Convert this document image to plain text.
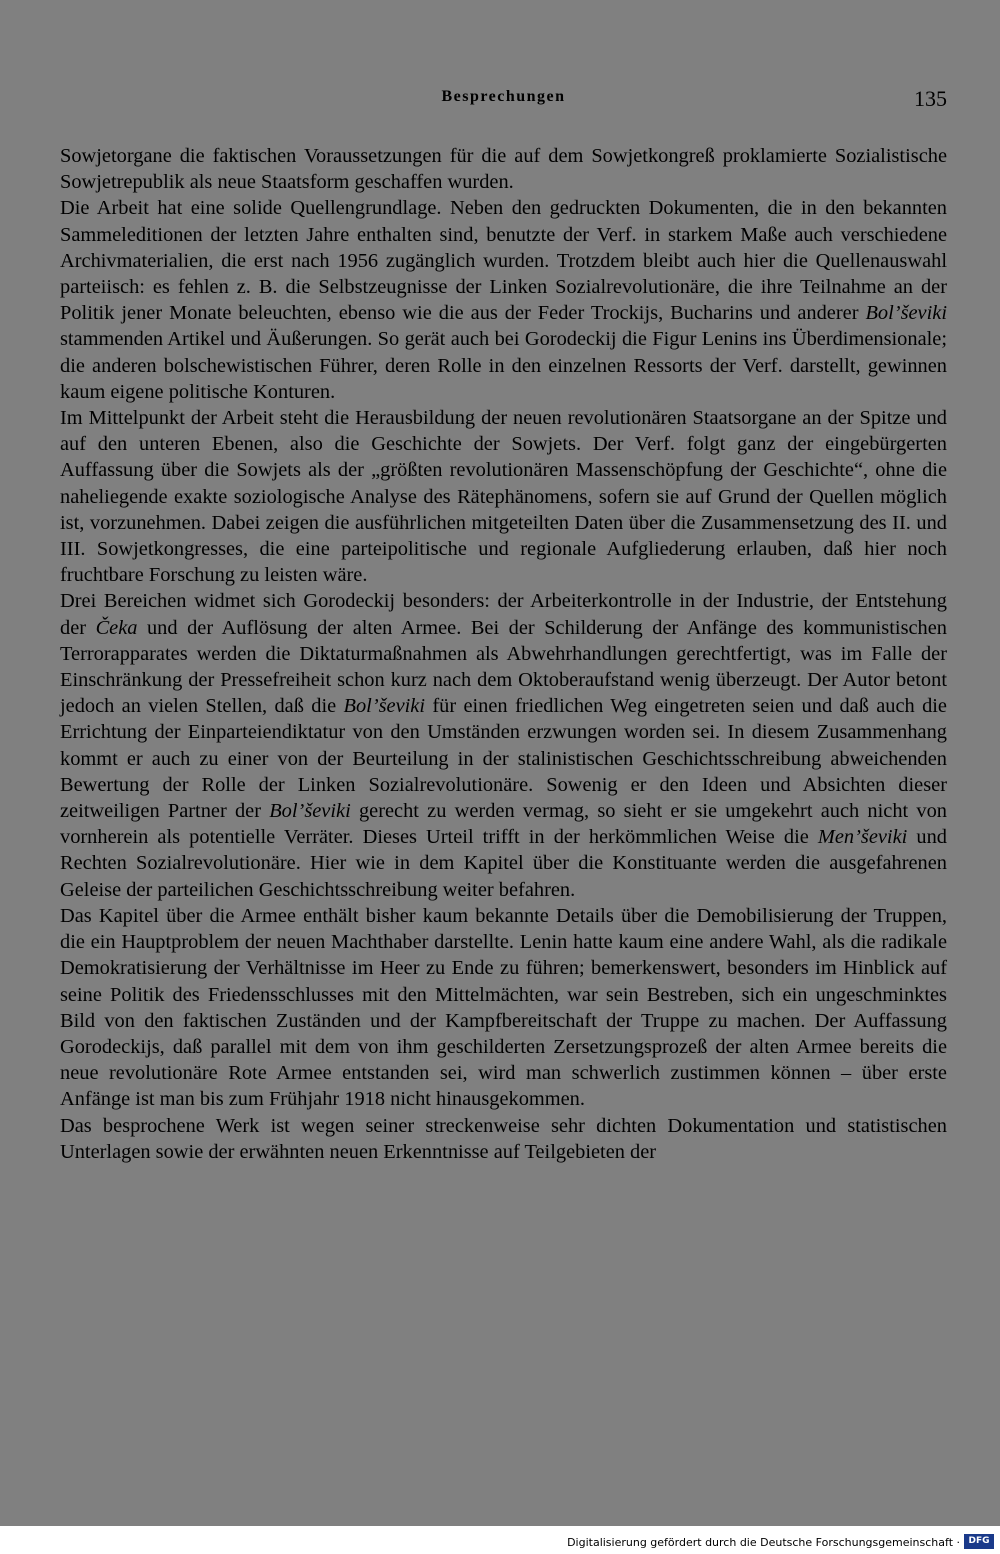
Besprechungen	135

Sowjetorgane die faktischen Voraussetzungen für die auf dem Sowjetkongreß proklamierte Sozialistische Sowjetrepublik als neue Staatsform geschaffen wurden.

Die Arbeit hat eine solide Quellengrundlage. Neben den gedruckten Dokumenten, die in den bekannten Sammeleditionen der letzten Jahre enthalten sind, benutzte der Verf. in starkem Maße auch verschiedene Archivmaterialien, die erst nach 1956 zugänglich wurden. Trotzdem bleibt auch hier die Quellenauswahl parteiisch: es fehlen z. B. die Selbstzeugnisse der Linken Sozialrevolutionäre, die ihre Teilnahme an der Politik jener Monate beleuchten, ebenso wie die aus der Feder Trockijs, Bucharins und anderer Bol’ševiki stammenden Artikel und Äußerungen. So gerät auch bei Gorodeckij die Figur Lenins ins Überdimensionale; die anderen bolschewistischen Führer, deren Rolle in den einzelnen Ressorts der Verf. darstellt, gewinnen kaum eigene politische Konturen.

Im Mittelpunkt der Arbeit steht die Herausbildung der neuen revolutionären Staatsorgane an der Spitze und auf den unteren Ebenen, also die Geschichte der Sowjets. Der Verf. folgt ganz der eingebürgerten Auffassung über die Sowjets als der „größten revolutionären Massenschöpfung der Geschichte“, ohne die naheliegende exakte soziologische Analyse des Rätephänomens, sofern sie auf Grund der Quellen möglich ist, vorzunehmen. Dabei zeigen die ausführlichen mitgeteilten Daten über die Zusammensetzung des II. und III. Sowjetkongresses, die eine parteipolitische und regionale Aufgliederung erlauben, daß hier noch fruchtbare Forschung zu leisten wäre.

Drei Bereichen widmet sich Gorodeckij besonders: der Arbeiterkontrolle in der Industrie, der Entstehung der Čeka und der Auflösung der alten Armee. Bei der Schilderung der Anfänge des kommunistischen Terrorapparates werden die Diktaturmaßnahmen als Abwehrhandlungen gerechtfertigt, was im Falle der Einschränkung der Pressefreiheit schon kurz nach dem Oktoberaufstand wenig überzeugt. Der Autor betont jedoch an vielen Stellen, daß die Bol’ševiki für einen friedlichen Weg eingetreten seien und daß auch die Errichtung der Einparteiendiktatur von den Umständen erzwungen worden sei. In diesem Zusammenhang kommt er auch zu einer von der Beurteilung in der stalinistischen Geschichtsschreibung abweichenden Bewertung der Rolle der Linken Sozialrevolutionäre. Sowenig er den Ideen und Absichten dieser zeitweiligen Partner der Bol’ševiki gerecht zu werden vermag, so sieht er sie umgekehrt auch nicht von vornherein als potentielle Verräter. Dieses Urteil trifft in der herkömmlichen Weise die Men’ševiki und Rechten Sozialrevolutionäre. Hier wie in dem Kapitel über die Konstituante werden die ausgefahrenen Geleise der parteilichen Geschichtsschreibung weiter befahren.

Das Kapitel über die Armee enthält bisher kaum bekannte Details über die Demobilisierung der Truppen, die ein Hauptproblem der neuen Machthaber darstellte. Lenin hatte kaum eine andere Wahl, als die radikale Demokratisierung der Verhältnisse im Heer zu Ende zu führen; bemerkenswert, besonders im Hinblick auf seine Politik des Friedensschlusses mit den Mittelmächten, war sein Bestreben, sich ein ungeschminktes Bild von den faktischen Zuständen und der Kampfbereitschaft der Truppe zu machen. Der Auffassung Gorodeckijs, daß parallel mit dem von ihm geschilderten Zersetzungsprozeß der alten Armee bereits die neue revolutionäre Rote Armee entstanden sei, wird man schwerlich zustimmen können – über erste Anfänge ist man bis zum Frühjahr 1918 nicht hinausgekommen.

Das besprochene Werk ist wegen seiner streckenweise sehr dichten Dokumentation und statistischen Unterlagen sowie der erwähnten neuen Erkenntnisse auf Teilgebieten der

Digitalisierung gefördert durch die Deutsche Forschungsgemeinschaft · DFG
